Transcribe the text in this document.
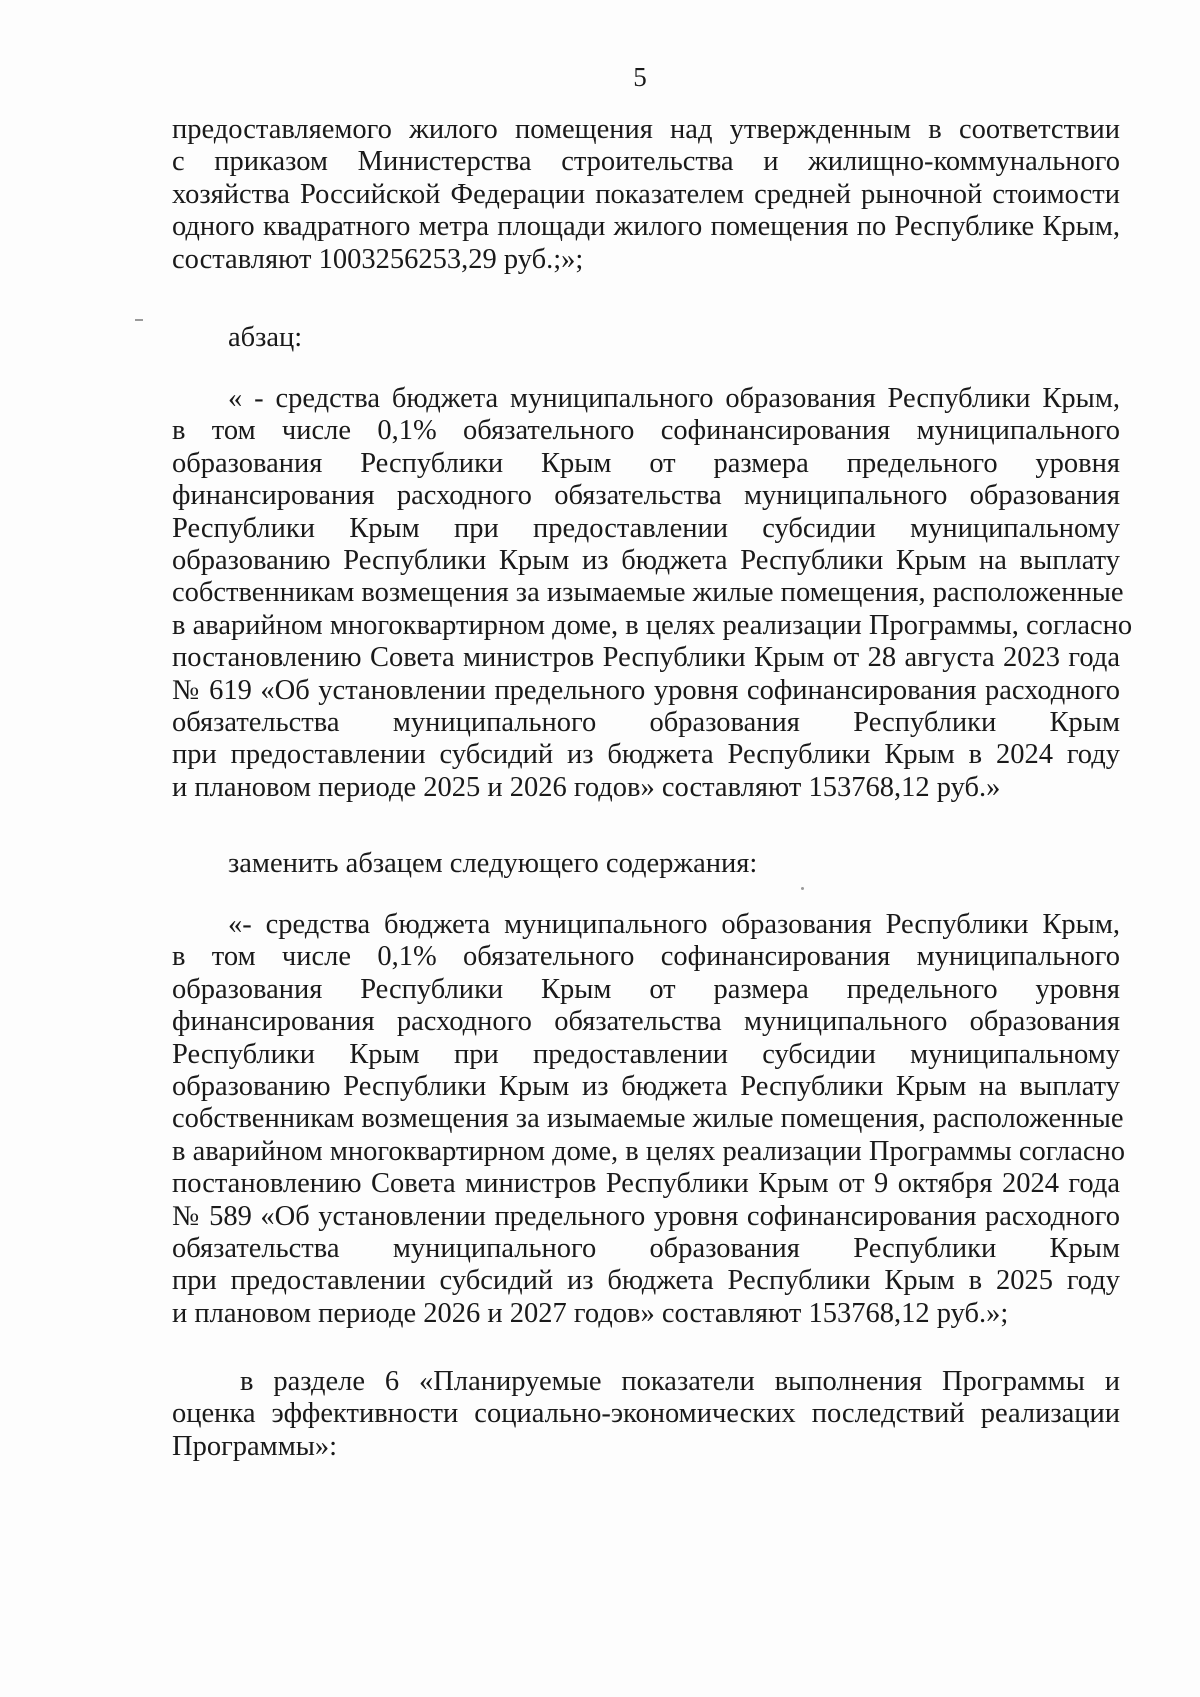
5
предоставляемого жилого помещения над утвержденным в соответствии
с приказом Министерства строительства и жилищно-коммунального
хозяйства Российской Федерации показателем средней рыночной стоимости
одного квадратного метра площади жилого помещения по Республике Крым,
составляют 1003256253,29 руб.;»;
абзац:
« - средства бюджета муниципального образования Республики Крым,
в том числе 0,1% обязательного софинансирования муниципального
образования Республики Крым от размера предельного уровня
финансирования расходного обязательства муниципального образования
Республики Крым при предоставлении субсидии муниципальному
образованию Республики Крым из бюджета Республики Крым на выплату
собственникам возмещения за изымаемые жилые помещения, расположенные
в аварийном многоквартирном доме, в целях реализации Программы, согласно
постановлению Совета министров Республики Крым от 28 августа 2023 года
№ 619 «Об установлении предельного уровня софинансирования расходного
обязательства муниципального образования Республики Крым
при предоставлении субсидий из бюджета Республики Крым в 2024 году
и плановом периоде 2025 и 2026 годов» составляют 153768,12 руб.»
заменить абзацем следующего содержания:
«- средства бюджета муниципального образования Республики Крым,
в том числе 0,1% обязательного софинансирования муниципального
образования Республики Крым от размера предельного уровня
финансирования расходного обязательства муниципального образования
Республики Крым при предоставлении субсидии муниципальному
образованию Республики Крым из бюджета Республики Крым на выплату
собственникам возмещения за изымаемые жилые помещения, расположенные
в аварийном многоквартирном доме, в целях реализации Программы согласно
постановлению Совета министров Республики Крым от 9 октября 2024 года
№ 589 «Об установлении предельного уровня софинансирования расходного
обязательства муниципального образования Республики Крым
при предоставлении субсидий из бюджета Республики Крым в 2025 году
и плановом периоде 2026 и 2027 годов» составляют 153768,12 руб.»;
в разделе 6 «Планируемые показатели выполнения Программы и
оценка эффективности социально-экономических последствий реализации
Программы»:
